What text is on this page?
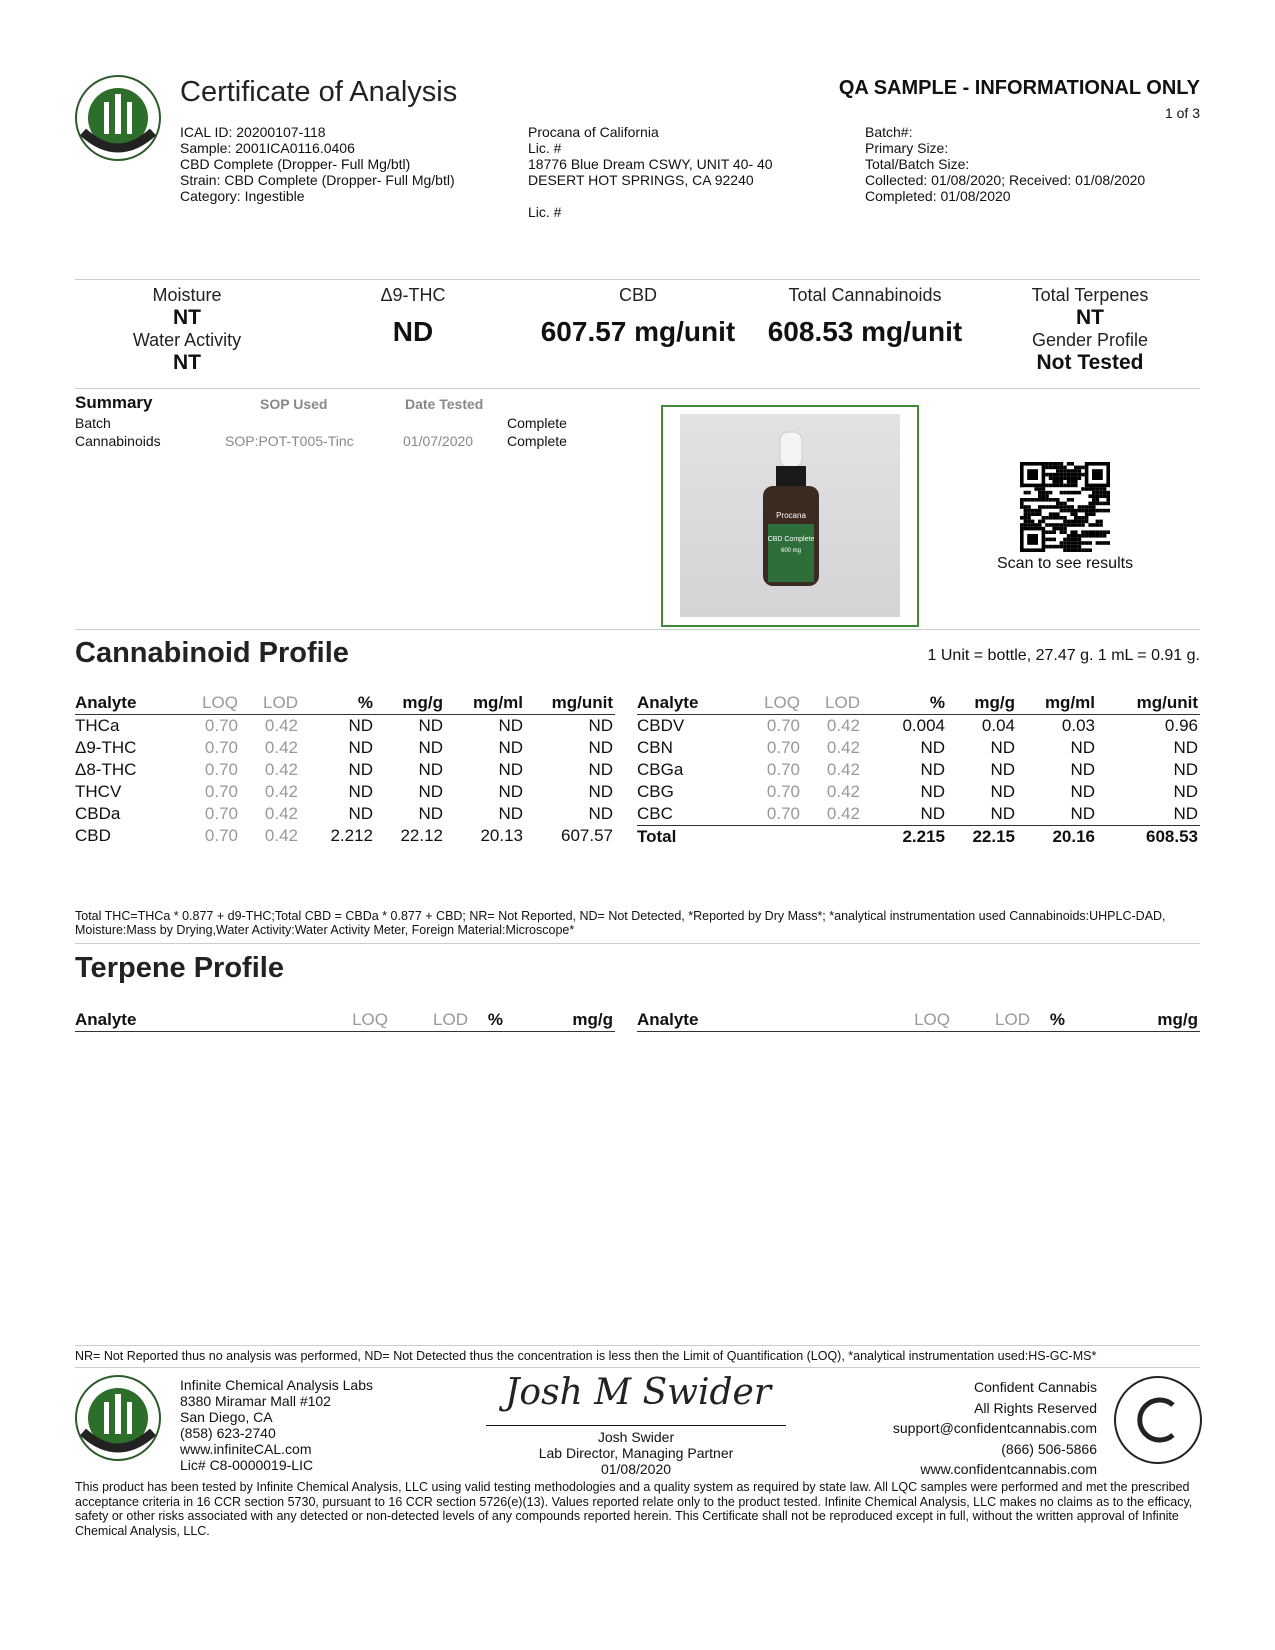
Certificate of Analysis	QA SAMPLE - INFORMATIONAL ONLY
1 of 3
ICAL ID: 20200107-118
Sample: 2001ICA0116.0406
CBD Complete (Dropper- Full Mg/btl)
Strain: CBD Complete (Dropper- Full Mg/btl)
Category: Ingestible
Procana of California
Lic. #
18776 Blue Dream CSWY, UNIT 40- 40
DESERT HOT SPRINGS, CA 92240
Lic. #
Batch#:
Primary Size:
Total/Batch Size:
Collected: 01/08/2020; Received: 01/08/2020
Completed: 01/08/2020
Moisture
NT
Water Activity
NT
Δ9-THC
ND
CBD
607.57 mg/unit
Total Cannabinoids
608.53 mg/unit
Total Terpenes
NT
Gender Profile
Not Tested
Summary	SOP Used	Date Tested
Batch	Complete
Cannabinoids	SOP:POT-T005-Tinc	01/07/2020 Complete
Procana
CBD Complete
600 mg
Scan to see results
Cannabinoid Profile	1 Unit = bottle, 27.47 g. 1 mL = 0.91 g.
Analyte	LOQ	LOD	%	mg/g	mg/ml	mg/unit
THCa	0.70	0.42	ND	ND	ND	ND
Δ9-THC	0.70	0.42	ND	ND	ND	ND
Δ8-THC	0.70	0.42	ND	ND	ND	ND
THCV	0.70	0.42	ND	ND	ND	ND
CBDa	0.70	0.42	ND	ND	ND	ND
CBD	0.70	0.42	2.212	22.12	20.13	607.57
Analyte	LOQ	LOD	%	mg/g	mg/ml	mg/unit
CBDV	0.70	0.42	0.004	0.04	0.03	0.96
CBN	0.70	0.42	ND	ND	ND	ND
CBGa	0.70	0.42	ND	ND	ND	ND
CBG	0.70	0.42	ND	ND	ND	ND
CBC	0.70	0.42	ND	ND	ND	ND
Total			2.215	22.15	20.16	608.53
Total THC=THCa * 0.877 + d9-THC;Total CBD = CBDa * 0.877 + CBD; NR= Not Reported, ND= Not Detected, *Reported by Dry Mass*; *analytical instrumentation used Cannabinoids:UHPLC-DAD, Moisture:Mass by Drying,Water Activity:Water Activity Meter, Foreign Material:Microscope*
Terpene Profile
Analyte	LOQ	LOD	%	mg/g Analyte	LOQ	LOD	%	mg/g
NR= Not Reported thus no analysis was performed, ND= Not Detected thus the concentration is less then the Limit of Quantification (LOQ), *analytical instrumentation used:HS-GC-MS*
Infinite Chemical Analysis Labs
8380 Miramar Mall #102
San Diego, CA
(858) 623-2740
www.infiniteCAL.com
Lic# C8-0000019-LIC
Josh M Swider
Josh Swider
Lab Director, Managing Partner
01/08/2020
Confident Cannabis
All Rights Reserved
support@confidentcannabis.com
(866) 506-5866
www.confidentcannabis.com
This product has been tested by Infinite Chemical Analysis, LLC using valid testing methodologies and a quality system as required by state law. All LQC samples were performed and met the prescribed acceptance criteria in 16 CCR section 5730, pursuant to 16 CCR section 5726(e)(13). Values reported relate only to the product tested. Infinite Chemical Analysis, LLC makes no claims as to the efficacy, safety or other risks associated with any detected or non-detected levels of any compounds reported herein. This Certificate shall not be reproduced except in full, without the written approval of Infinite Chemical Analysis, LLC.
